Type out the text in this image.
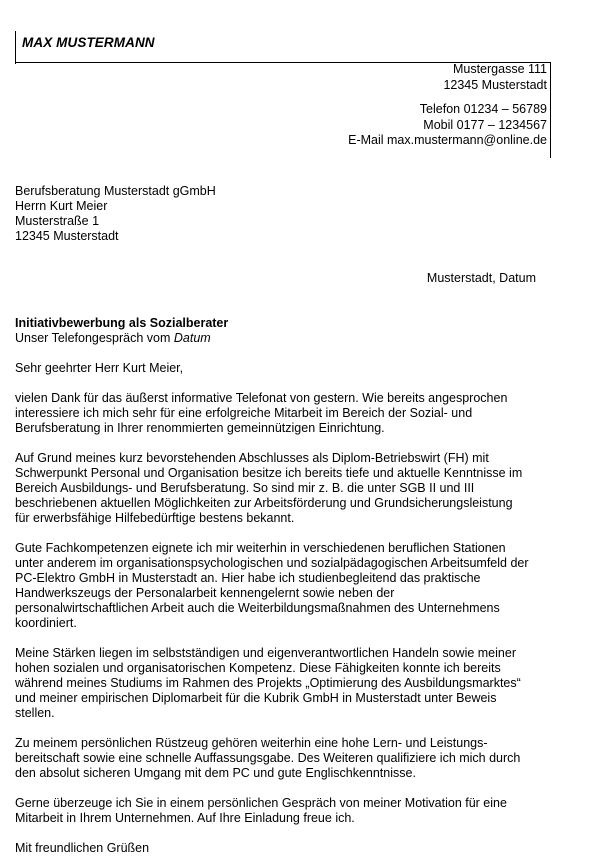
MAX MUSTERMANN
Mustergasse 111
12345 Musterstadt
Telefon 01234 – 56789
Mobil 0177 – 1234567
E-Mail max.mustermann@online.de
Berufsberatung Musterstadt gGmbH
Herrn Kurt Meier
Musterstraße 1
12345 Musterstadt
Musterstadt, Datum
Initiativbewerbung als Sozialberater
Unser Telefongespräch vom Datum
Sehr geehrter Herr Kurt Meier,
vielen Dank für das äußerst informative Telefonat von gestern. Wie bereits angesprochen
interessiere ich mich sehr für eine erfolgreiche Mitarbeit im Bereich der Sozial- und
Berufsberatung in Ihrer renommierten gemeinnützigen Einrichtung.
Auf Grund meines kurz bevorstehenden Abschlusses als Diplom-Betriebswirt (FH) mit
Schwerpunkt Personal und Organisation besitze ich bereits tiefe und aktuelle Kenntnisse im
Bereich Ausbildungs- und Berufsberatung. So sind mir z. B. die unter SGB II und III
beschriebenen aktuellen Möglichkeiten zur Arbeitsförderung und Grundsicherungsleistung
für erwerbsfähige Hilfebedürftige bestens bekannt.
Gute Fachkompetenzen eignete ich mir weiterhin in verschiedenen beruflichen Stationen
unter anderem im organisationspsychologischen und sozialpädagogischen Arbeitsumfeld der
PC-Elektro GmbH in Musterstadt an. Hier habe ich studienbegleitend das praktische
Handwerkszeugs der Personalarbeit kennengelernt sowie neben der
personalwirtschaftlichen Arbeit auch die Weiterbildungsmaßnahmen des Unternehmens
koordiniert.
Meine Stärken liegen im selbstständigen und eigenverantwortlichen Handeln sowie meiner
hohen sozialen und organisatorischen Kompetenz. Diese Fähigkeiten konnte ich bereits
während meines Studiums im Rahmen des Projekts „Optimierung des Ausbildungsmarktes“
und meiner empirischen Diplomarbeit für die Kubrik GmbH in Musterstadt unter Beweis
stellen.
Zu meinem persönlichen Rüstzeug gehören weiterhin eine hohe Lern- und Leistungs-
bereitschaft sowie eine schnelle Auffassungsgabe. Des Weiteren qualifiziere ich mich durch
den absolut sicheren Umgang mit dem PC und gute Englischkenntnisse.
Gerne überzeuge ich Sie in einem persönlichen Gespräch von meiner Motivation für eine
Mitarbeit in Ihrem Unternehmen. Auf Ihre Einladung freue ich.
Mit freundlichen Grüßen
